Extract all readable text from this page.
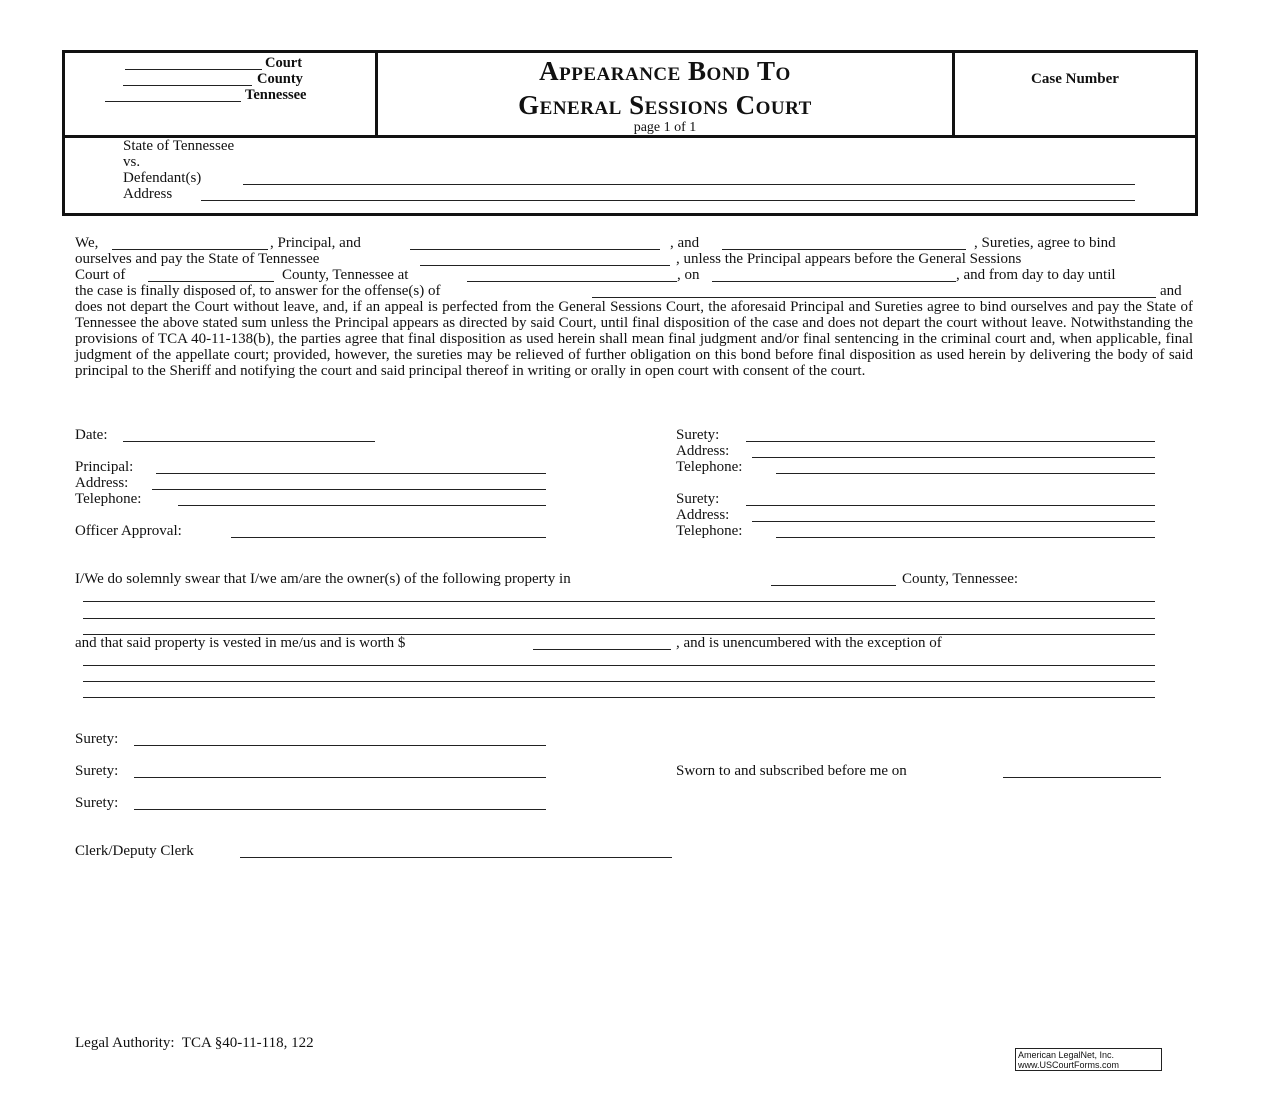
Court
County
Tennessee
Appearance Bond To
General Sessions Court
page 1 of 1
Case Number
State of Tennessee
vs.
Defendant(s)
Address
We,	, Principal, and	, and	, Sureties, agree to bind
ourselves and pay the State of Tennessee	, unless the Principal appears before the General Sessions
Court of	County, Tennessee at	, on	, and from day to day until
the case is finally disposed of, to answer for the offense(s) of	and
does not depart the Court without leave, and, if an appeal is perfected from the General Sessions Court, the aforesaid Principal and Sureties agree to bind ourselves and pay the State of Tennessee the above stated sum unless the Principal appears as directed by said Court, until final disposition of the case and does not depart the court without leave. Notwithstanding the provisions of TCA 40-11-138(b), the parties agree that final disposition as used herein shall mean final judgment and/or final sentencing in the criminal court and, when applicable, final judgment of the appellate court; provided, however, the sureties may be relieved of further obligation on this bond before final disposition as used herein by delivering the body of said principal to the Sheriff and notifying the court and said principal thereof in writing or orally in open court with consent of the court.
Date:
Principal:
Address:
Telephone:
Officer Approval:
Surety:
Address:
Telephone:
Surety:
Address:
Telephone:
I/We do solemnly swear that I/we am/are the owner(s) of the following property in	County, Tennessee:
and that said property is vested in me/us and is worth $	, and is unencumbered with the exception of
Surety:
Surety:	Sworn to and subscribed before me on
Surety:
Clerk/Deputy Clerk
Legal Authority:  TCA §40-11-118, 122
American LegalNet, Inc.
www.USCourtForms.com
